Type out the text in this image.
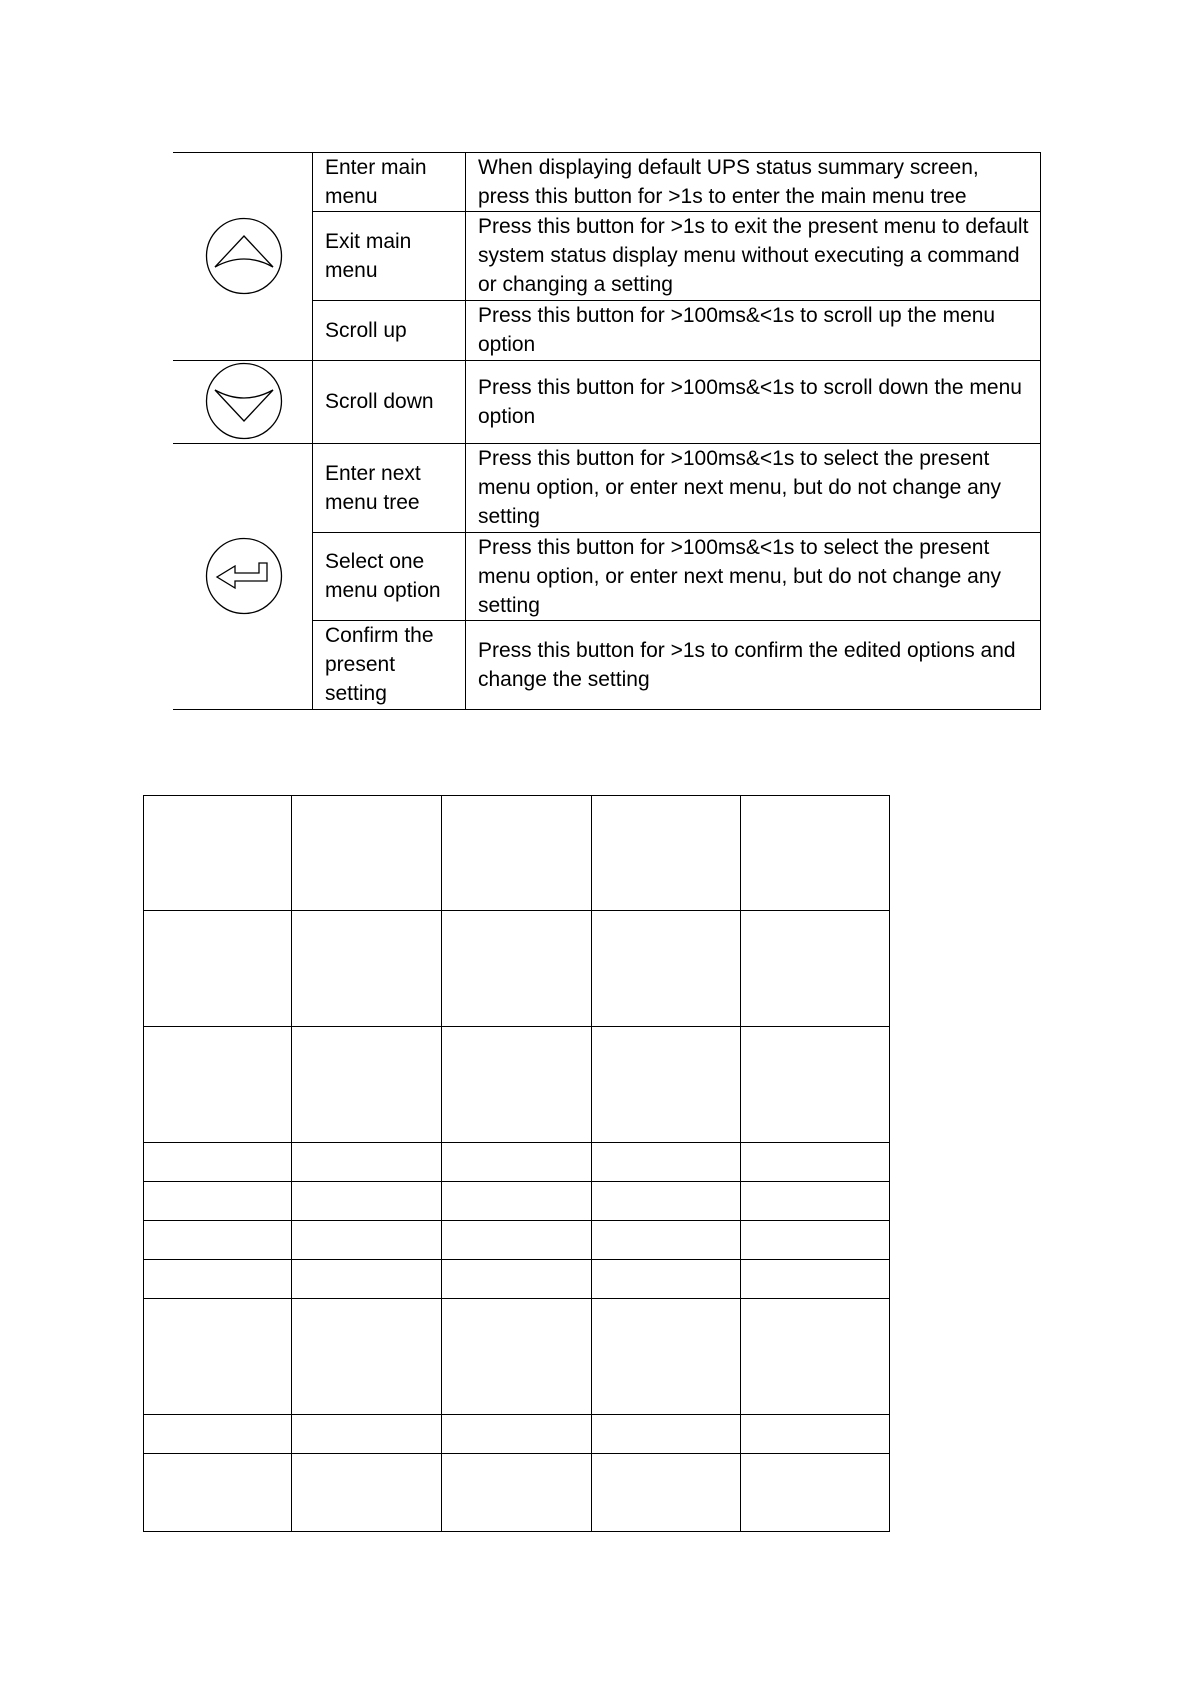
Enter main menu
Exit main menu
Scroll up
Scroll down
Enter next menu tree
Select one menu option
Confirm the present setting
When displaying default UPS status summary screen, press this button for >1s to enter the main menu tree
Press this button for >1s to exit the present menu to default system status display menu without executing a command or changing a setting
Press this button for >100ms&<1s to scroll up the menu option
Press this button for >100ms&<1s to scroll down the menu option
Press this button for >100ms&<1s to select the present menu option, or enter next menu, but do not change any setting
Press this button for >100ms&<1s to select the present menu option, or enter next menu, but do not change any setting
Press this button for >1s to confirm the edited options and change the setting
